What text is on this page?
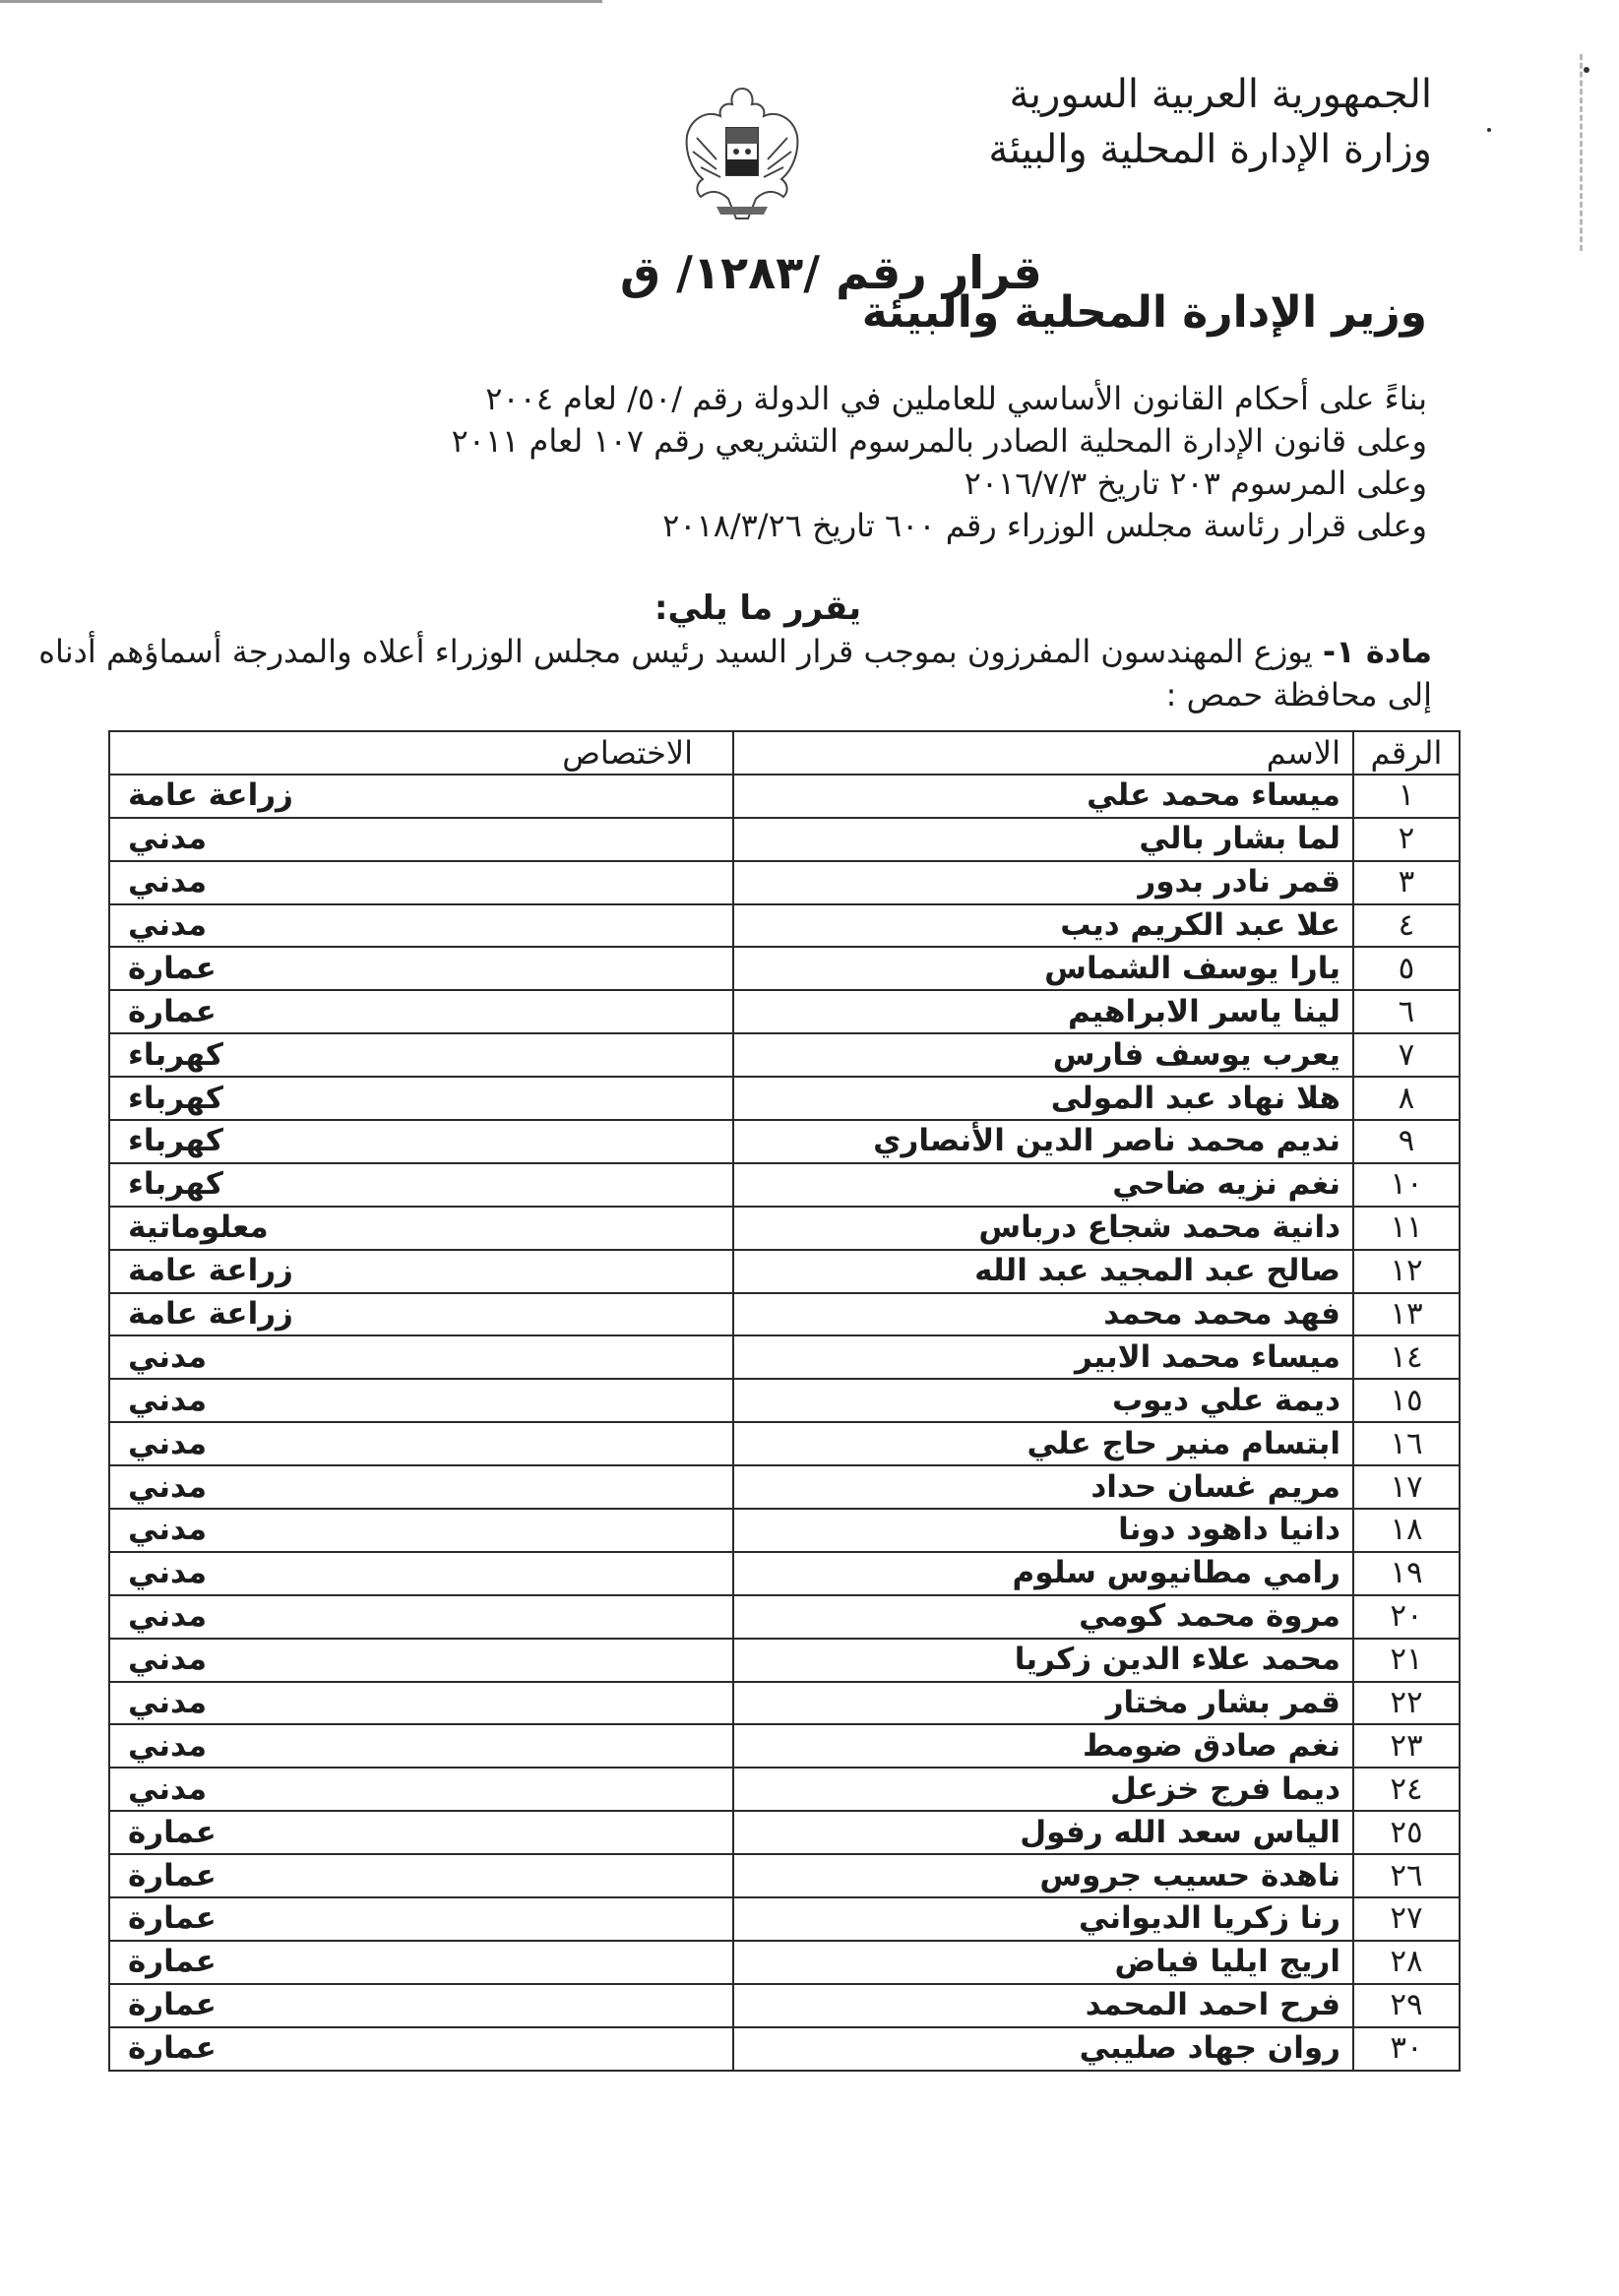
الجمهورية العربية السورية
وزارة الإدارة المحلية والبيئة
قرار رقم /١٢٨٣/ ق
وزير الإدارة المحلية والبيئة
بناءً على أحكام القانون الأساسي للعاملين في الدولة رقم /٥٠/ لعام ٢٠٠٤
وعلى قانون الإدارة المحلية الصادر بالمرسوم التشريعي رقم ١٠٧ لعام ٢٠١١
وعلى المرسوم ٢٠٣ تاريخ ٢٠١٦/٧/٣
وعلى قرار رئاسة مجلس الوزراء رقم ٦٠٠ تاريخ ٢٠١٨/٣/٢٦
يقرر ما يلي:
مادة ١- يوزع المهندسون المفرزون بموجب قرار السيد رئيس مجلس الوزراء أعلاه والمدرجة أسماؤهم أدناه
إلى محافظة حمص :
الرقم	الاسم	الاختصاص
١	ميساء محمد علي	زراعة عامة
٢	لما بشار بالي	مدني
٣	قمر نادر بدور	مدني
٤	علا عبد الكريم ديب	مدني
٥	يارا يوسف الشماس	عمارة
٦	لينا ياسر الابراهيم	عمارة
٧	يعرب يوسف فارس	كهرباء
٨	هلا نهاد عبد المولى	كهرباء
٩	نديم محمد ناصر الدين الأنصاري	كهرباء
١٠	نغم نزيه ضاحي	كهرباء
١١	دانية محمد شجاع درباس	معلوماتية
١٢	صالح عبد المجيد عبد الله	زراعة عامة
١٣	فهد محمد محمد	زراعة عامة
١٤	ميساء محمد الابير	مدني
١٥	ديمة علي ديوب	مدني
١٦	ابتسام منير حاج علي	مدني
١٧	مريم غسان حداد	مدني
١٨	دانيا داهود دونا	مدني
١٩	رامي مطانيوس سلوم	مدني
٢٠	مروة محمد كومي	مدني
٢١	محمد علاء الدين زكريا	مدني
٢٢	قمر بشار مختار	مدني
٢٣	نغم صادق ضومط	مدني
٢٤	ديما فرج خزعل	مدني
٢٥	الياس سعد الله رفول	عمارة
٢٦	ناهدة حسيب جروس	عمارة
٢٧	رنا زكريا الديواني	عمارة
٢٨	اريج ايليا فياض	عمارة
٢٩	فرح احمد المحمد	عمارة
٣٠	روان جهاد صليبي	عمارة
